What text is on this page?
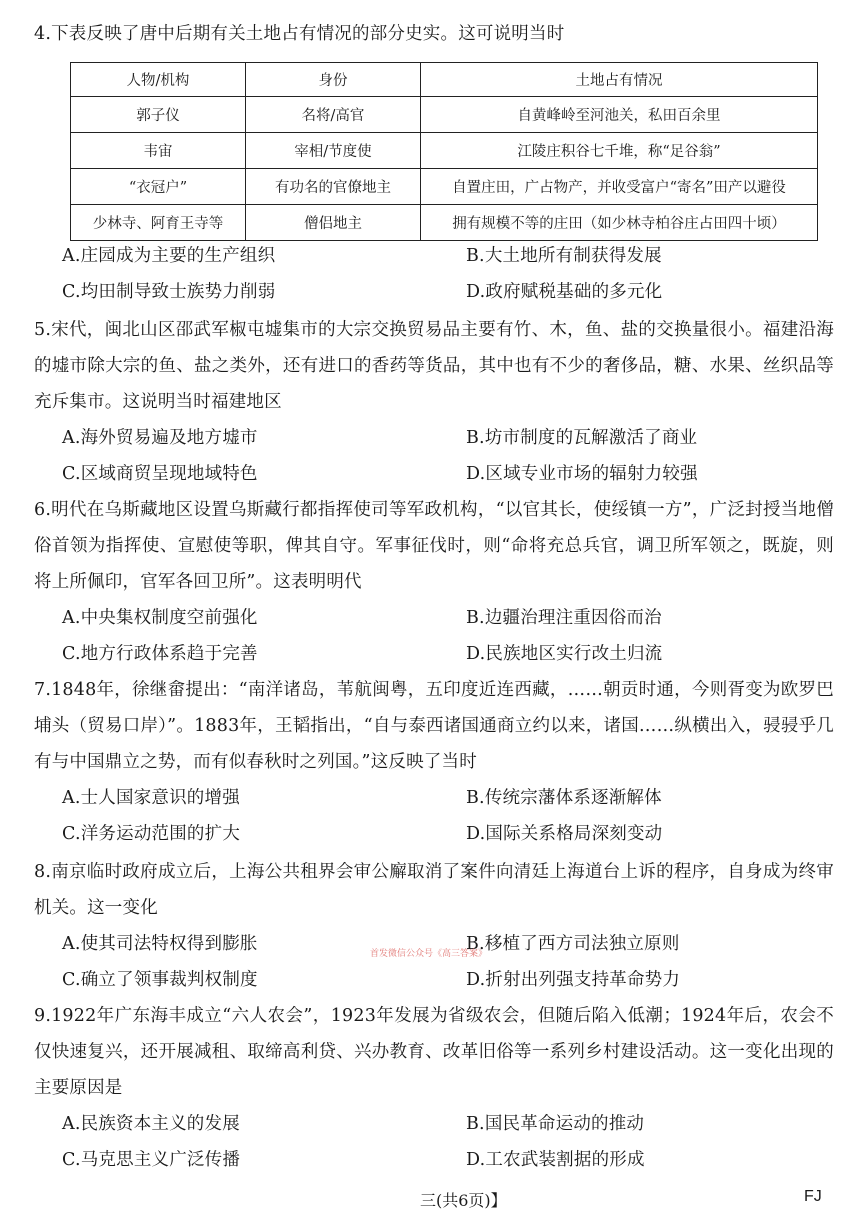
4.下表反映了唐中后期有关土地占有情况的部分史实。这可说明当时
人物/机构	身份	土地占有情况
郭子仪	名将/高官	自黄峰岭至河池关，私田百余里
韦宙	宰相/节度使	江陵庄积谷七千堆，称“足谷翁”
“衣冠户”	有功名的官僚地主	自置庄田，广占物产，并收受富户“寄名”田产以避役
少林寺、阿育王寺等	僧侣地主	拥有规模不等的庄田（如少林寺柏谷庄占田四十顷）
A.庄园成为主要的生产组织	B.大土地所有制获得发展
C.均田制导致士族势力削弱	D.政府赋税基础的多元化
5.宋代，闽北山区邵武军椒屯墟集市的大宗交换贸易品主要有竹、木，鱼、盐的交换量很小。福建沿海的墟市除大宗的鱼、盐之类外，还有进口的香药等货品，其中也有不少的奢侈品，糖、水果、丝织品等充斥集市。这说明当时福建地区
A.海外贸易遍及地方墟市	B.坊市制度的瓦解激活了商业
C.区域商贸呈现地域特色	D.区域专业市场的辐射力较强
6.明代在乌斯藏地区设置乌斯藏行都指挥使司等军政机构，“以官其长，使绥镇一方”，广泛封授当地僧俗首领为指挥使、宣慰使等职，俾其自守。军事征伐时，则“命将充总兵官，调卫所军领之，既旋，则将上所佩印，官军各回卫所”。这表明明代
A.中央集权制度空前强化	B.边疆治理注重因俗而治
C.地方行政体系趋于完善	D.民族地区实行改土归流
7.1848年，徐继畲提出：“南洋诸岛，苇航闽粤，五印度近连西藏，……朝贡时通，今则胥变为欧罗巴埔头（贸易口岸）”。1883年，王韬指出，“自与泰西诸国通商立约以来，诸国……纵横出入，骎骎乎几有与中国鼎立之势，而有似春秋时之列国。”这反映了当时
A.士人国家意识的增强	B.传统宗藩体系逐渐解体
C.洋务运动范围的扩大	D.国际关系格局深刻变动
8.南京临时政府成立后，上海公共租界会审公廨取消了案件向清廷上海道台上诉的程序，自身成为终审机关。这一变化
A.使其司法特权得到膨胀	B.移植了西方司法独立原则
C.确立了领事裁判权制度	D.折射出列强支持革命势力
首发微信公众号《高三答案》
9.1922年广东海丰成立“六人农会”，1923年发展为省级农会，但随后陷入低潮；1924年后，农会不仅快速复兴，还开展减租、取缔高利贷、兴办教育、改革旧俗等一系列乡村建设活动。这一变化出现的主要原因是
A.民族资本主义的发展	B.国民革命运动的推动
C.马克思主义广泛传播	D.工农武装割据的形成
三(共6页)】	FJ
